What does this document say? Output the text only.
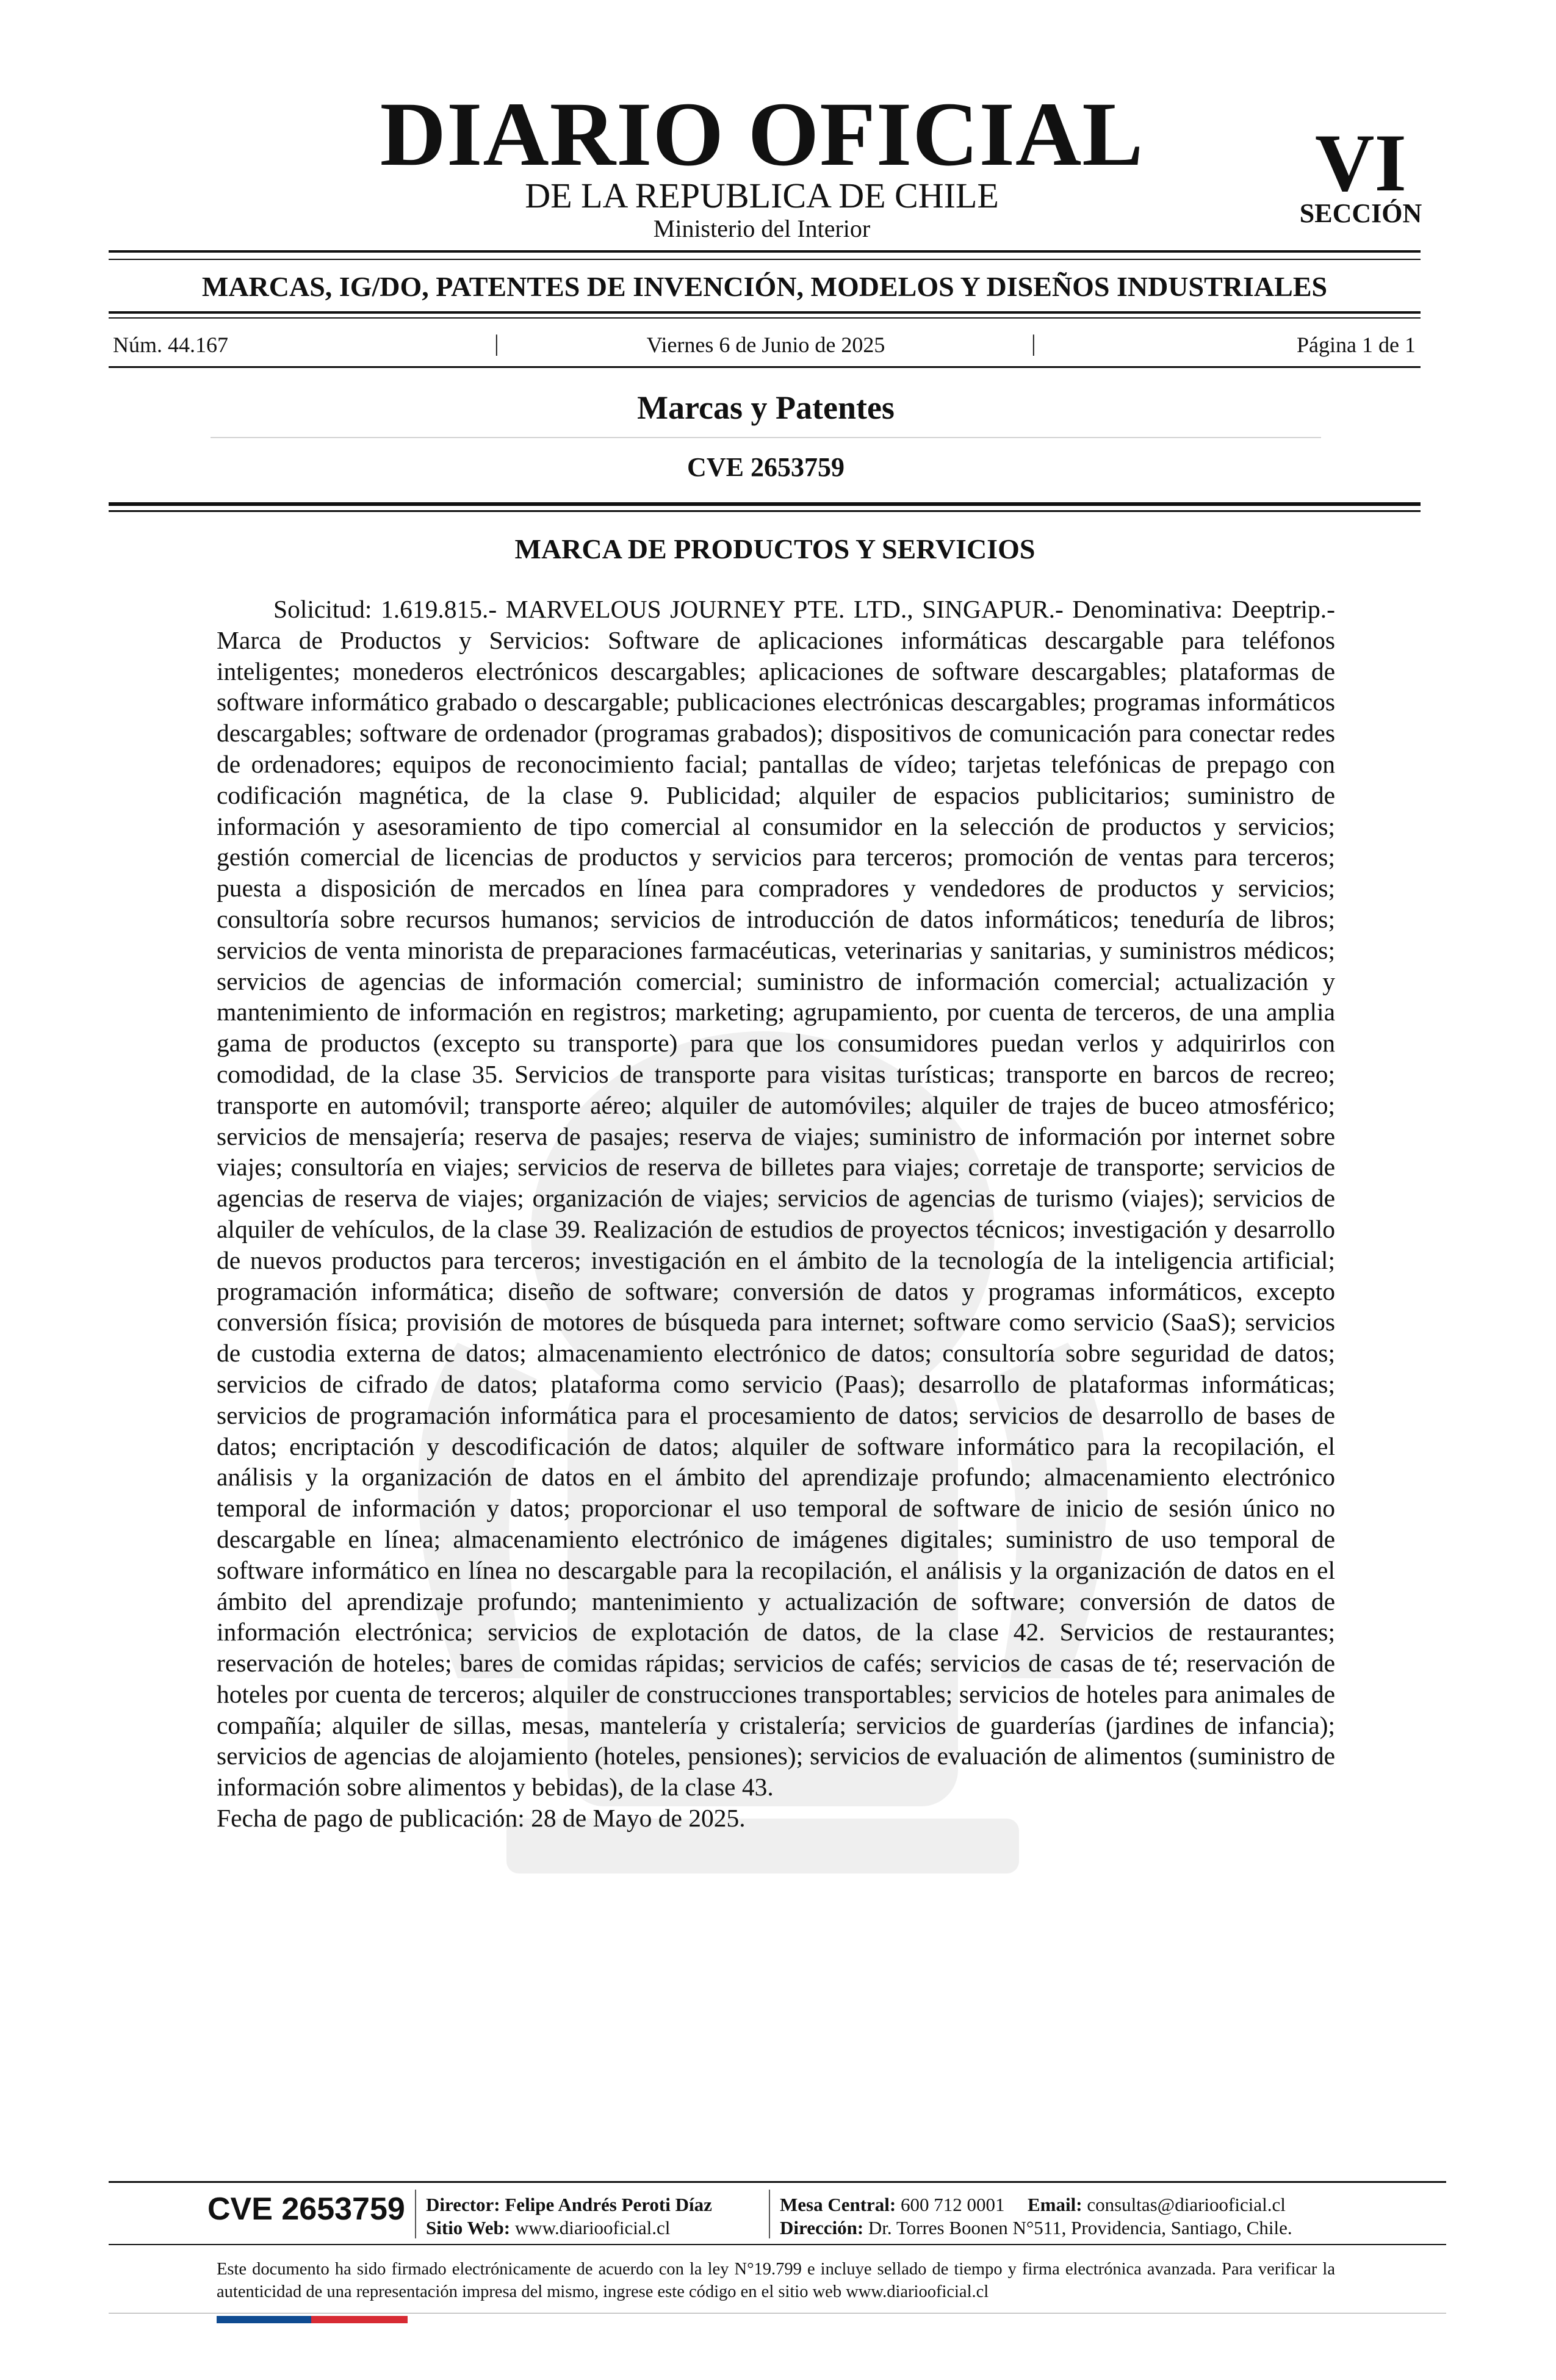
DIARIO OFICIAL
DE LA REPUBLICA DE CHILE
Ministerio del Interior
VI
SECCIÓN
MARCAS, IG/DO, PATENTES DE INVENCIÓN, MODELOS Y DISEÑOS INDUSTRIALES
Núm. 44.167	|	Viernes 6 de Junio de 2025	|	Página 1 de 1
Marcas y Patentes
CVE 2653759
MARCA DE PRODUCTOS Y SERVICIOS

Solicitud: 1.619.815.- MARVELOUS JOURNEY PTE. LTD., SINGAPUR.- Denominativa: Deeptrip.- Marca de Productos y Servicios: Software de aplicaciones informáticas descargable para teléfonos inteligentes; monederos electrónicos descargables; aplicaciones de software descargables; plataformas de software informático grabado o descargable; publicaciones electrónicas descargables; programas informáticos descargables; software de ordenador (programas grabados); dispositivos de comunicación para conectar redes de ordenadores; equipos de reconocimiento facial; pantallas de vídeo; tarjetas telefónicas de prepago con codificación magnética, de la clase 9. Publicidad; alquiler de espacios publicitarios; suministro de información y asesoramiento de tipo comercial al consumidor en la selección de productos y servicios; gestión comercial de licencias de productos y servicios para terceros; promoción de ventas para terceros; puesta a disposición de mercados en línea para compradores y vendedores de productos y servicios; consultoría sobre recursos humanos; servicios de introducción de datos informáticos; teneduría de libros; servicios de venta minorista de preparaciones farmacéuticas, veterinarias y sanitarias, y suministros médicos; servicios de agencias de información comercial; suministro de información comercial; actualización y mantenimiento de información en registros; marketing; agrupamiento, por cuenta de terceros, de una amplia gama de productos (excepto su transporte) para que los consumidores puedan verlos y adquirirlos con comodidad, de la clase 35. Servicios de transporte para visitas turísticas; transporte en barcos de recreo; transporte en automóvil; transporte aéreo; alquiler de automóviles; alquiler de trajes de buceo atmosférico; servicios de mensajería; reserva de pasajes; reserva de viajes; suministro de información por internet sobre viajes; consultoría en viajes; servicios de reserva de billetes para viajes; corretaje de transporte; servicios de agencias de reserva de viajes; organización de viajes; servicios de agencias de turismo (viajes); servicios de alquiler de vehículos, de la clase 39. Realización de estudios de proyectos técnicos; investigación y desarrollo de nuevos productos para terceros; investigación en el ámbito de la tecnología de la inteligencia artificial; programación informática; diseño de software; conversión de datos y programas informáticos, excepto conversión física; provisión de motores de búsqueda para internet; software como servicio (SaaS); servicios de custodia externa de datos; almacenamiento electrónico de datos; consultoría sobre seguridad de datos; servicios de cifrado de datos; plataforma como servicio (Paas); desarrollo de plataformas informáticas; servicios de programación informática para el procesamiento de datos; servicios de desarrollo de bases de datos; encriptación y descodificación de datos; alquiler de software informático para la recopilación, el análisis y la organización de datos en el ámbito del aprendizaje profundo; almacenamiento electrónico temporal de información y datos; proporcionar el uso temporal de software de inicio de sesión único no descargable en línea; almacenamiento electrónico de imágenes digitales; suministro de uso temporal de software informático en línea no descargable para la recopilación, el análisis y la organización de datos en el ámbito del aprendizaje profundo; mantenimiento y actualización de software; conversión de datos de información electrónica; servicios de explotación de datos, de la clase 42. Servicios de restaurantes; reservación de hoteles; bares de comidas rápidas; servicios de cafés; servicios de casas de té; reservación de hoteles por cuenta de terceros; alquiler de construcciones transportables; servicios de hoteles para animales de compañía; alquiler de sillas, mesas, mantelería y cristalería; servicios de guarderías (jardines de infancia); servicios de agencias de alojamiento (hoteles, pensiones); servicios de evaluación de alimentos (suministro de información sobre alimentos y bebidas), de la clase 43.

Fecha de pago de publicación: 28 de Mayo de 2025.

CVE 2653759 Director: Felipe Andrés Peroti Díaz
Sitio Web: www.diariooficial.cl
Mesa Central: 600 712 0001 Email: consultas@diariooficial.cl
Dirección: Dr. Torres Boonen N°511, Providencia, Santiago, Chile.
Este documento ha sido firmado electrónicamente de acuerdo con la ley N°19.799 e incluye sellado de tiempo y firma electrónica avanzada. Para verificar la autenticidad de una representación impresa del mismo, ingrese este código en el sitio web www.diariooficial.cl
